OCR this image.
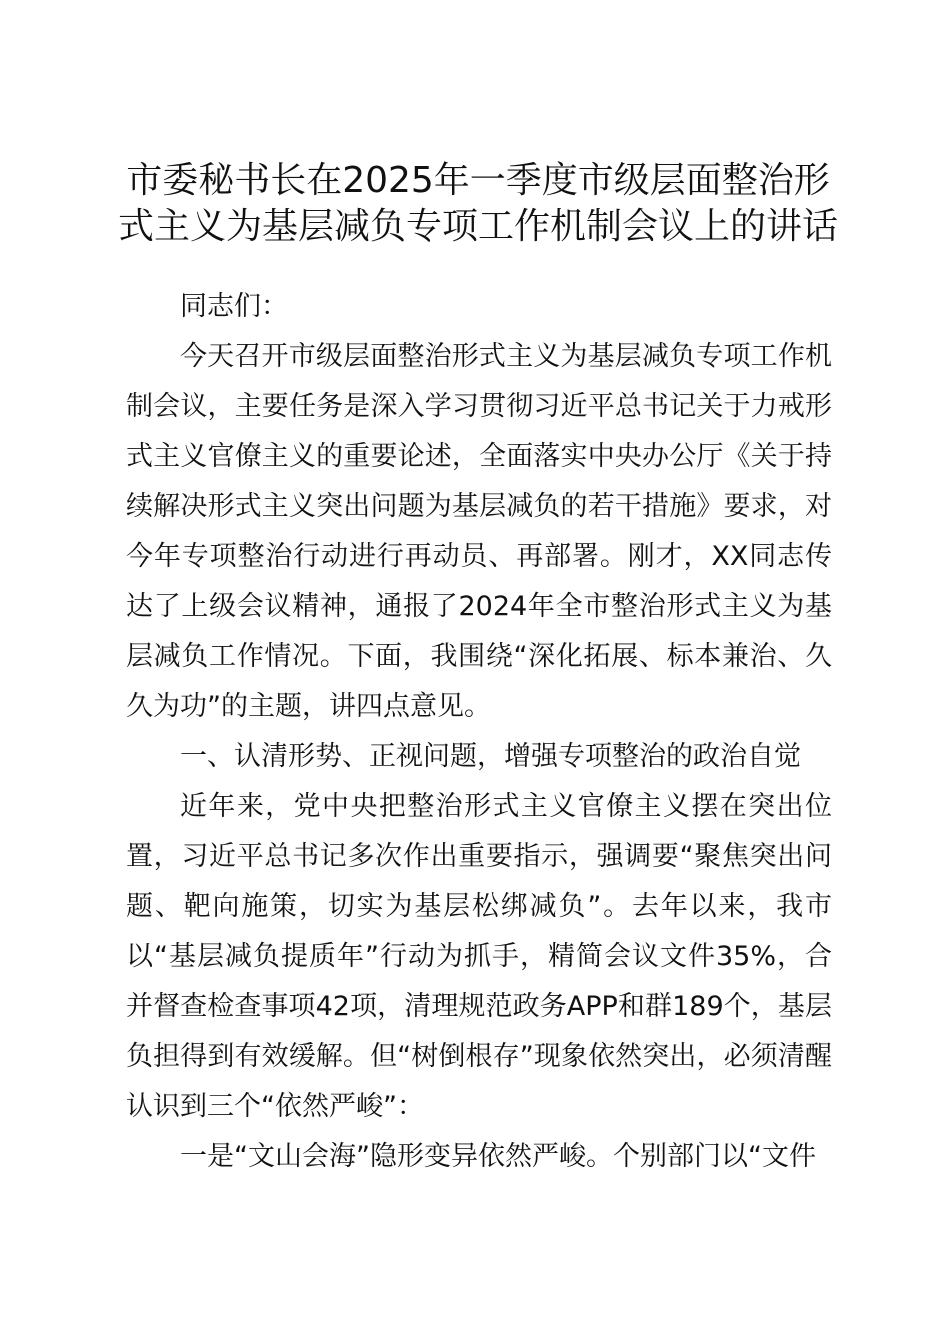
市委秘书长在2025年一季度市级层面整治形式主义为基层减负专项工作机制会议上的讲话

同志们：

今天召开市级层面整治形式主义为基层减负专项工作机制会议，主要任务是深入学习贯彻习近平总书记关于力戒形式主义官僚主义的重要论述，全面落实中央办公厅《关于持续解决形式主义突出问题为基层减负的若干措施》要求，对今年专项整治行动进行再动员、再部署。刚才，XX同志传达了上级会议精神，通报了2024年全市整治形式主义为基层减负工作情况。下面，我围绕“深化拓展、标本兼治、久久为功”的主题，讲四点意见。

一、认清形势、正视问题，增强专项整治的政治自觉

近年来，党中央把整治形式主义官僚主义摆在突出位置，习近平总书记多次作出重要指示，强调要“聚焦突出问题、靶向施策，切实为基层松绑减负”。去年以来，我市以“基层减负提质年”行动为抓手，精简会议文件35%，合并督查检查事项42项，清理规范政务APP和群189个，基层负担得到有效缓解。但“树倒根存”现象依然突出，必须清醒认识到三个“依然严峻”：

一是“文山会海”隐形变异依然严峻。个别部门以“文件
